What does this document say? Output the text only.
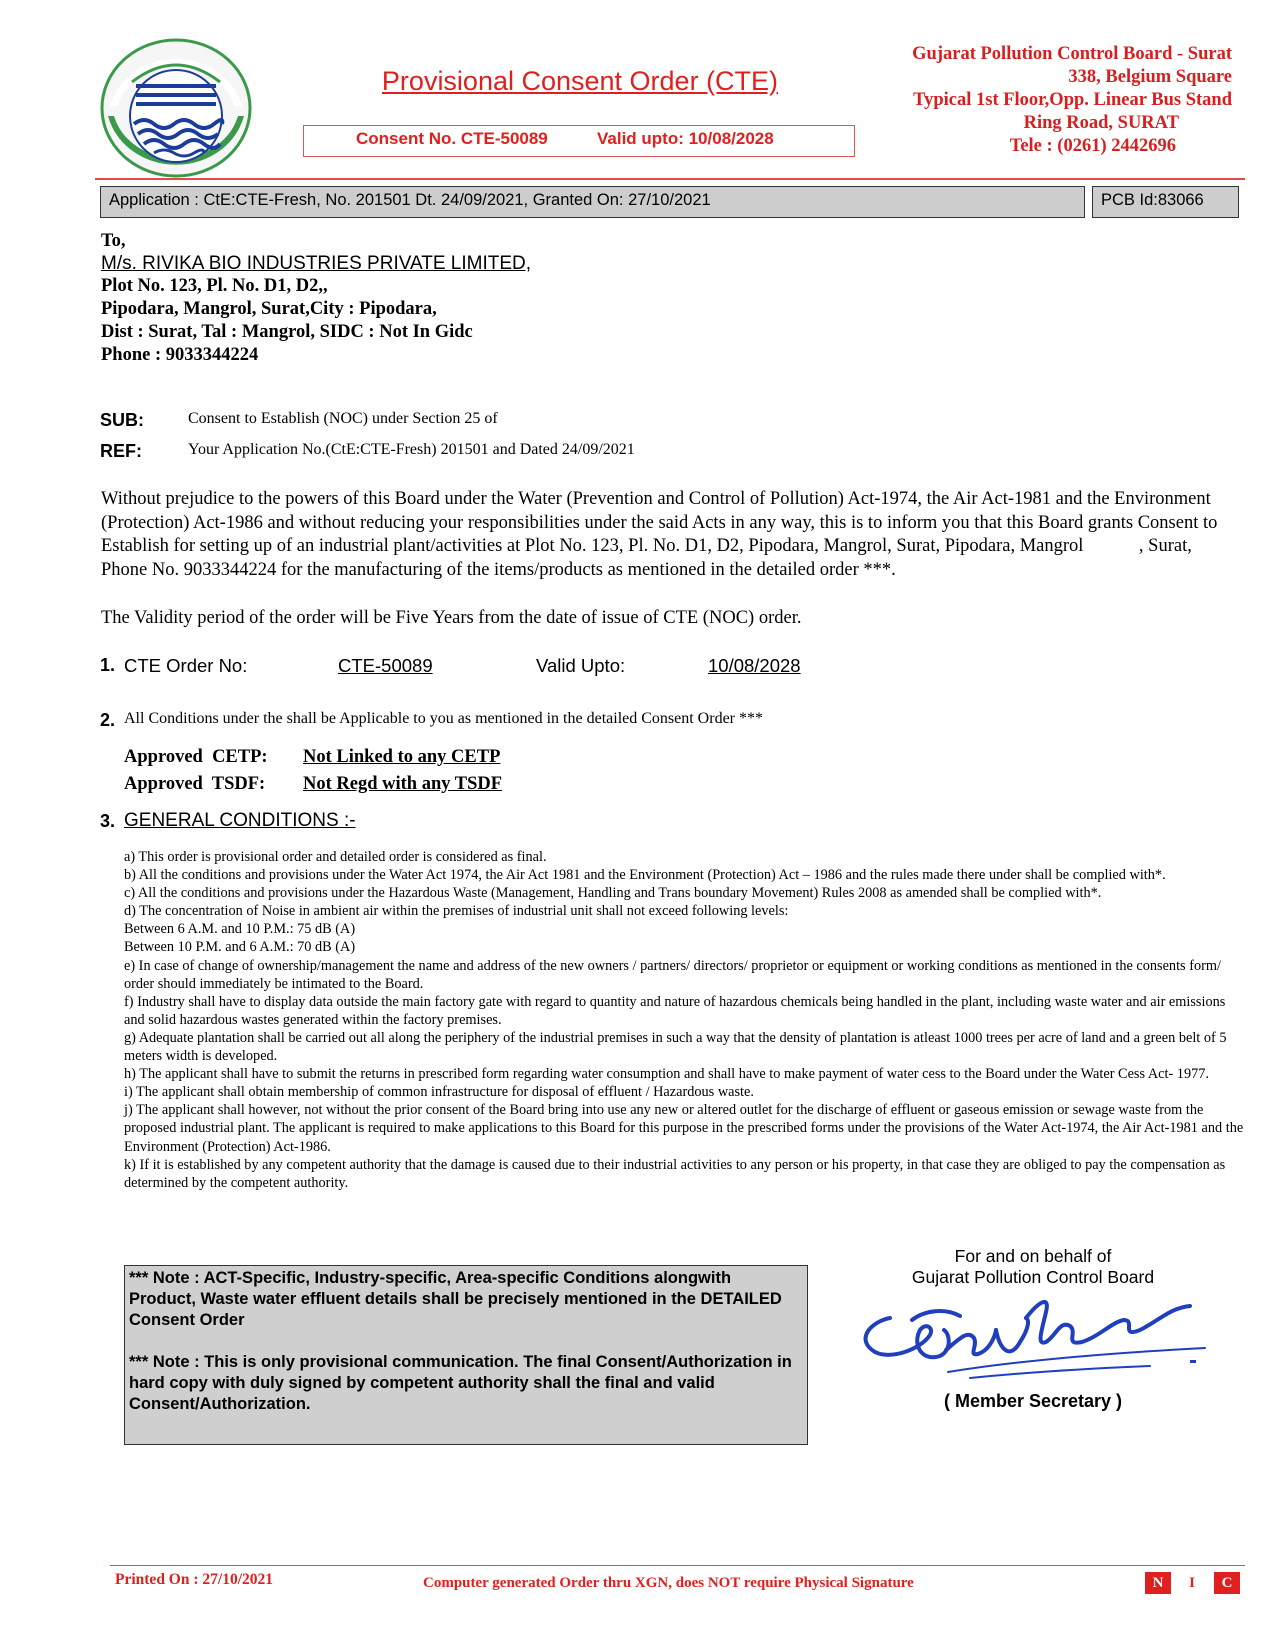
Provisional Consent Order (CTE)
Consent No. CTE-50089	Valid upto: 10/08/2028
Gujarat Pollution Control Board - Surat
338, Belgium Square
Typical 1st Floor,Opp. Linear Bus Stand
Ring Road, SURAT
Tele : (0261) 2442696
Application : CtE:CTE-Fresh, No. 201501 Dt. 24/09/2021, Granted On: 27/10/2021	PCB Id:83066
To,
M/s. RIVIKA BIO INDUSTRIES PRIVATE LIMITED,
Plot No. 123, Pl. No. D1, D2,,
Pipodara, Mangrol, Surat,City : Pipodara,
Dist : Surat, Tal : Mangrol, SIDC : Not In Gidc
Phone : 9033344224
SUB:	Consent to Establish (NOC) under Section 25 of
REF:	Your Application No.(CtE:CTE-Fresh) 201501 and Dated 24/09/2021
Without prejudice to the powers of this Board under the Water (Prevention and Control of Pollution) Act-1974, the Air Act-1981 and the Environment (Protection) Act-1986 and without reducing your responsibilities under the said Acts in any way, this is to inform you that this Board grants Consent to Establish for setting up of an industrial plant/activities at Plot No. 123, Pl. No. D1, D2, Pipodara, Mangrol, Surat, Pipodara, Mangrol            , Surat, Phone No. 9033344224 for the manufacturing of the items/products as mentioned in the detailed order ***.
The Validity period of the order will be Five Years from the date of issue of CTE (NOC) order.
1. CTE Order No:	CTE-50089	Valid Upto:	10/08/2028
2. All Conditions under the shall be Applicable to you as mentioned in the detailed Consent Order ***
Approved  CETP: Not Linked to any CETP
Approved  TSDF: Not Regd with any TSDF
3. GENERAL CONDITIONS :-

a) This order is provisional order and detailed order is considered as final.

b) All the conditions and provisions under the Water Act 1974, the Air Act 1981 and the Environment (Protection) Act – 1986 and the rules made there under shall be complied with*.

c) All the conditions and provisions under the Hazardous Waste (Management, Handling and Trans boundary Movement) Rules 2008 as amended shall be complied with*.

d) The concentration of Noise in ambient air within the premises of industrial unit shall not exceed following levels:

Between 6 A.M. and 10 P.M.: 75 dB (A)

Between 10 P.M. and 6 A.M.: 70 dB (A)

e) In case of change of ownership/management the name and address of the new owners / partners/ directors/ proprietor or equipment or working conditions as mentioned in the consents form/ order should immediately be intimated to the Board.

f) Industry shall have to display data outside the main factory gate with regard to quantity and nature of hazardous chemicals being handled in the plant, including waste water and air emissions and solid hazardous wastes generated within the factory premises.

g) Adequate plantation shall be carried out all along the periphery of the industrial premises in such a way that the density of plantation is atleast 1000 trees per acre of land and a green belt of 5 meters width is developed.

h) The applicant shall have to submit the returns in prescribed form regarding water consumption and shall have to make payment of water cess to the Board under the Water Cess Act- 1977.

i) The applicant shall obtain membership of common infrastructure for disposal of effluent / Hazardous waste.

j) The applicant shall however, not without the prior consent of the Board bring into use any new or altered outlet for the discharge of effluent or gaseous emission or sewage waste from the proposed industrial plant. The applicant is required to make applications to this Board for this purpose in the prescribed forms under the provisions of the Water Act-1974, the Air Act-1981 and the Environment (Protection) Act-1986.

k) If it is established by any competent authority that the damage is caused due to their industrial activities to any person or his property, in that case they are obliged to pay the compensation as determined by the competent authority.

*** Note : ACT-Specific, Industry-specific, Area-specific Conditions alongwith Product, Waste water effluent details shall be precisely mentioned in the DETAILED Consent Order
*** Note : This is only provisional communication. The final Consent/Authorization in hard copy with duly signed by competent authority shall the final and valid Consent/Authorization.
For and on behalf of
Gujarat Pollution Control Board
( Member Secretary )
Printed On : 27/10/2021	Computer generated Order thru XGN, does NOT require Physical Signature	N	I	C
